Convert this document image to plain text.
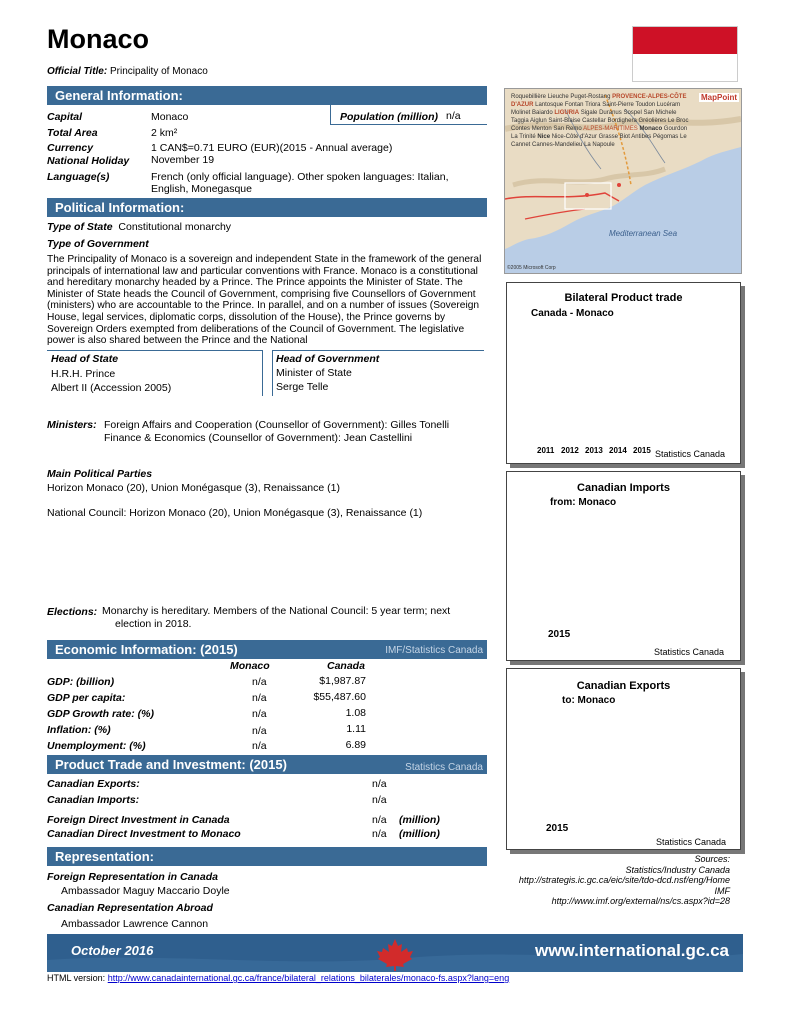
Monaco
Official Title: Principality of Monaco
General Information:
Capital	Monaco	Population (million) n/a
Total Area	2 km²
Currency	1 CAN$=0.71 EURO (EUR)(2015 - Annual average)
National Holiday November 19
Language(s)	French (only official language). Other spoken languages: Italian, English, Monegasque
Political Information:
Type of State Constitutional monarchy
Type of Government
The Principality of Monaco is a sovereign and independent State in the framework of the general principals of international law and particular conventions with France. Monaco is a constitutional and hereditary monarchy headed by a Prince. The Prince appoints the Minister of State. The Minister of State heads the Council of Government, comprising five Counsellors of Government (ministers) who are accountable to the Prince. In parallel, and on a number of issues (Sovereign House, legal services, diplomatic corps, dissolution of the House), the Prince governs by Sovereign Orders exempted from deliberations of the Council of Government. The legislative power is also shared between the Prince and the National
Head of State
H.R.H. Prince
Albert II (Accession 2005)
Head of Government
Minister of State
Serge Telle
Ministers: Foreign Affairs and Cooperation (Counsellor of Government): Gilles Tonelli
Finance & Economics (Counsellor of Government): Jean Castellini
Main Political Parties
Horizon Monaco (20), Union Monégasque (3), Renaissance (1)
National Council: Horizon Monaco (20), Union Monégasque (3), Renaissance (1)
Elections: Monarchy is hereditary. Members of the National Council: 5 year term; next
election in 2018.
Economic Information: (2015)	IMF/Statistics Canada
Monaco	Canada
GDP: (billion)	n/a	$1,987.87
GDP per capita:	n/a	$55,487.60
GDP Growth rate: (%)	n/a	1.08
Inflation: (%)	n/a	1.11
Unemployment: (%)	n/a	6.89
Product Trade and Investment: (2015)	Statistics Canada
Canadian Exports:	n/a
Canadian Imports:	n/a
Foreign Direct Investment in Canada	n/a (million)
Canadian Direct Investment to Monaco	n/a (million)
Representation:
Foreign Representation in Canada
Ambassador Maguy Maccario Doyle
Canadian Representation Abroad
Ambassador Lawrence Cannon
MapPoint
Roquebillière Lieuche Puget-Rostang PROVENCE-ALPES-CÔTE D'AZUR Lantosque Fontan Triora Saint-Pierre Toudon Lucéram Molinet Baiardo LIGURIA Sigale Duranus Sospel San Michele Taggia Aiglun Saint-Blaise Castellar Bordighera Gréolières Le Broc Contes Menton San Remo ALPES-MARITIMES Monaco Gourdon La Trinité Nice Nice-Côte d'Azur Grasse Biot Antibes Pégomas Le Cannet Cannes-Mandelieu La Napoule
Mediterranean Sea
©2005 Microsoft Corp
Bilateral Product trade
Canada - Monaco
2011 2012 2013 2014 2015 Statistics Canada
Canadian Imports
from: Monaco
2015
Statistics Canada
Canadian Exports
to: Monaco
2015
Statistics Canada
Sources:
Statistics/Industry Canada
http://strategis.ic.gc.ca/eic/site/tdo-dcd.nsf/eng/Home
IMF
http://www.imf.org/external/ns/cs.aspx?id=28
October 2016	www.international.gc.ca
HTML version: http://www.canadainternational.gc.ca/france/bilateral_relations_bilaterales/monaco-fs.aspx?lang=eng
